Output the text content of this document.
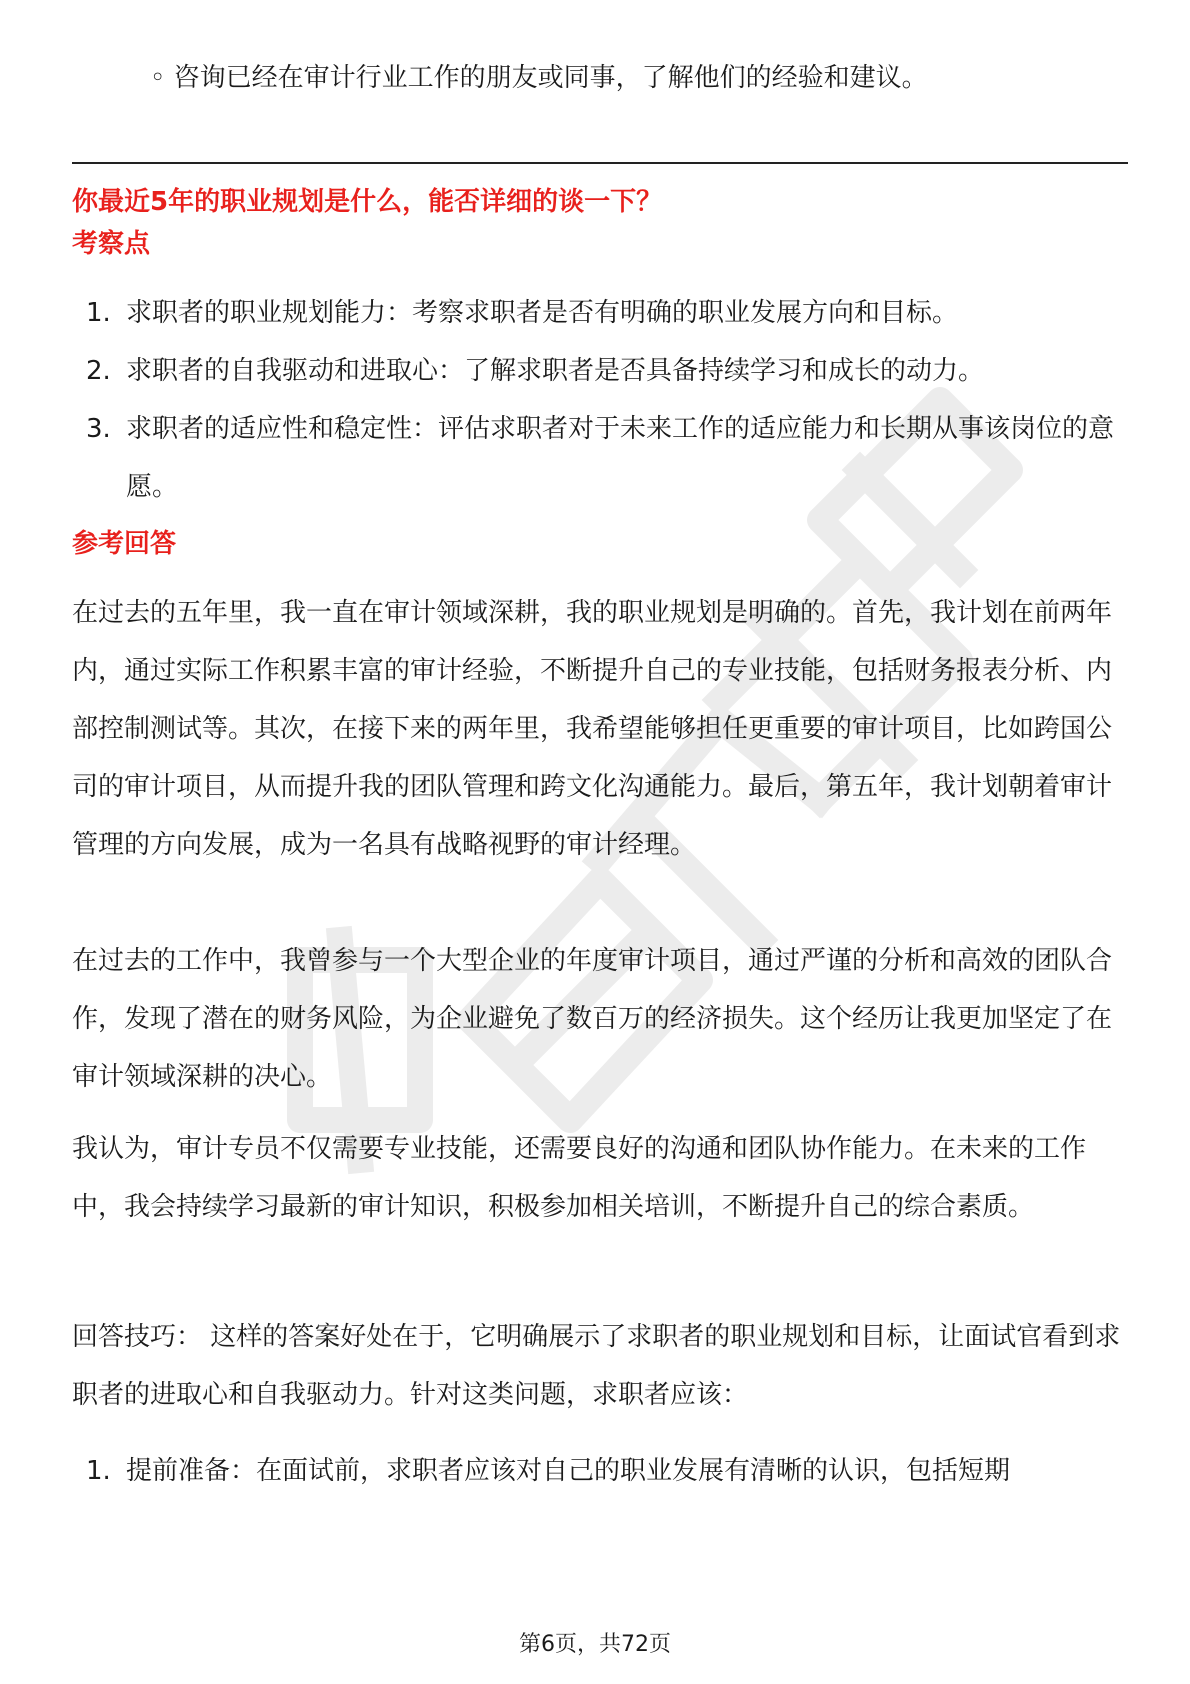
◦ 咨询已经在审计行业工作的朋友或同事，了解他们的经验和建议。
你最近5年的职业规划是什么，能否详细的谈一下？
考察点
1. 求职者的职业规划能力：考察求职者是否有明确的职业发展方向和目标。
2. 求职者的自我驱动和进取心：了解求职者是否具备持续学习和成长的动力。
3. 求职者的适应性和稳定性：评估求职者对于未来工作的适应能力和长期从事该岗位的意愿。
参考回答

在过去的五年里，我一直在审计领域深耕，我的职业规划是明确的。首先，我计划在前两年内，通过实际工作积累丰富的审计经验，不断提升自己的专业技能，包括财务报表分析、内部控制测试等。其次，在接下来的两年里，我希望能够担任更重要的审计项目，比如跨国公司的审计项目，从而提升我的团队管理和跨文化沟通能力。最后，第五年，我计划朝着审计管理的方向发展，成为一名具有战略视野的审计经理。

在过去的工作中，我曾参与一个大型企业的年度审计项目，通过严谨的分析和高效的团队合作，发现了潜在的财务风险，为企业避免了数百万的经济损失。这个经历让我更加坚定了在审计领域深耕的决心。

我认为，审计专员不仅需要专业技能，还需要良好的沟通和团队协作能力。在未来的工作中，我会持续学习最新的审计知识，积极参加相关培训，不断提升自己的综合素质。

回答技巧： 这样的答案好处在于，它明确展示了求职者的职业规划和目标，让面试官看到求职者的进取心和自我驱动力。针对这类问题，求职者应该：

1. 提前准备：在面试前，求职者应该对自己的职业发展有清晰的认识，包括短期
第6页，共72页
